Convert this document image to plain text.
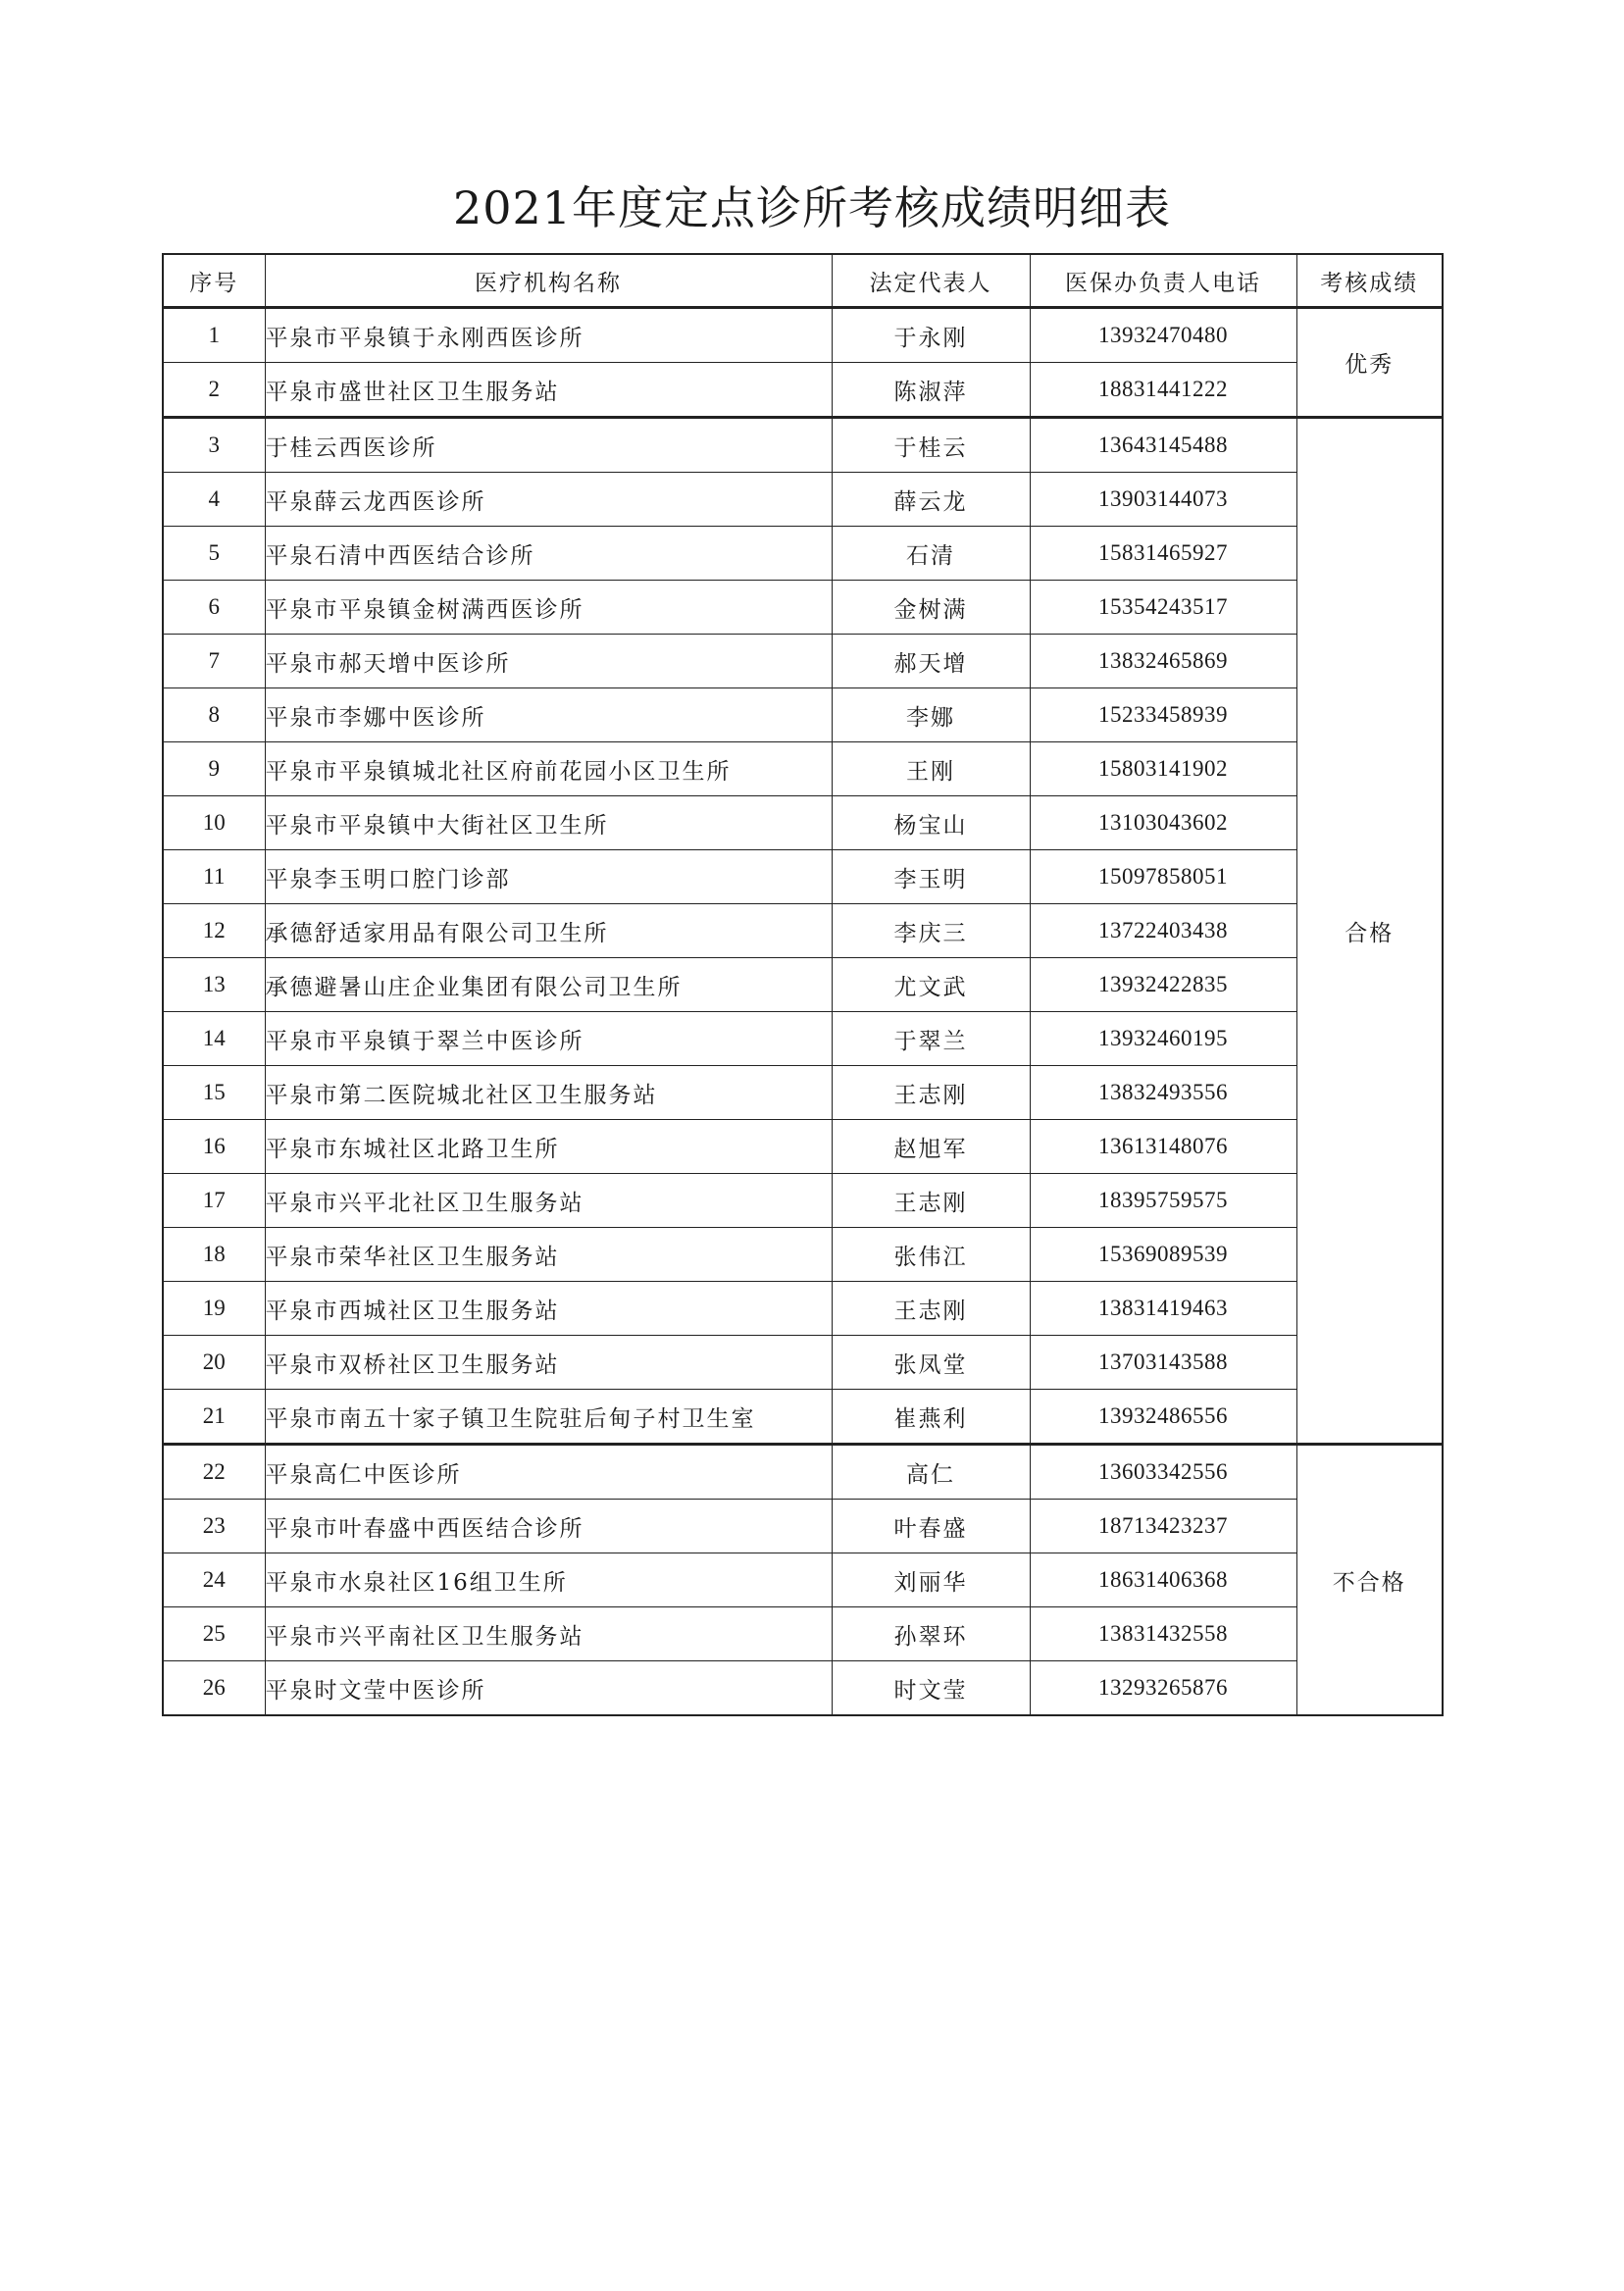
2021年度定点诊所考核成绩明细表
序号	医疗机构名称	法定代表人	医保办负责人电话	考核成绩
1	平泉市平泉镇于永刚西医诊所	于永刚	13932470480	优秀
2	平泉市盛世社区卫生服务站	陈淑萍	18831441222	
3	于桂云西医诊所	于桂云	13643145488	合格
4	平泉薛云龙西医诊所	薛云龙	13903144073	
5	平泉石清中西医结合诊所	石清	15831465927	
6	平泉市平泉镇金树满西医诊所	金树满	15354243517	
7	平泉市郝天增中医诊所	郝天增	13832465869	
8	平泉市李娜中医诊所	李娜	15233458939	
9	平泉市平泉镇城北社区府前花园小区卫生所	王刚	15803141902	
10	平泉市平泉镇中大街社区卫生所	杨宝山	13103043602	
11	平泉李玉明口腔门诊部	李玉明	15097858051	
12	承德舒适家用品有限公司卫生所	李庆三	13722403438	
13	承德避暑山庄企业集团有限公司卫生所	尤文武	13932422835	
14	平泉市平泉镇于翠兰中医诊所	于翠兰	13932460195	
15	平泉市第二医院城北社区卫生服务站	王志刚	13832493556	
16	平泉市东城社区北路卫生所	赵旭军	13613148076	
17	平泉市兴平北社区卫生服务站	王志刚	18395759575	
18	平泉市荣华社区卫生服务站	张伟江	15369089539	
19	平泉市西城社区卫生服务站	王志刚	13831419463	
20	平泉市双桥社区卫生服务站	张凤堂	13703143588	
21	平泉市南五十家子镇卫生院驻后甸子村卫生室	崔燕利	13932486556	
22	平泉高仁中医诊所	高仁	13603342556	不合格
23	平泉市叶春盛中西医结合诊所	叶春盛	18713423237	
24	平泉市水泉社区16组卫生所	刘丽华	18631406368	
25	平泉市兴平南社区卫生服务站	孙翠环	13831432558	
26	平泉时文莹中医诊所	时文莹	13293265876	
